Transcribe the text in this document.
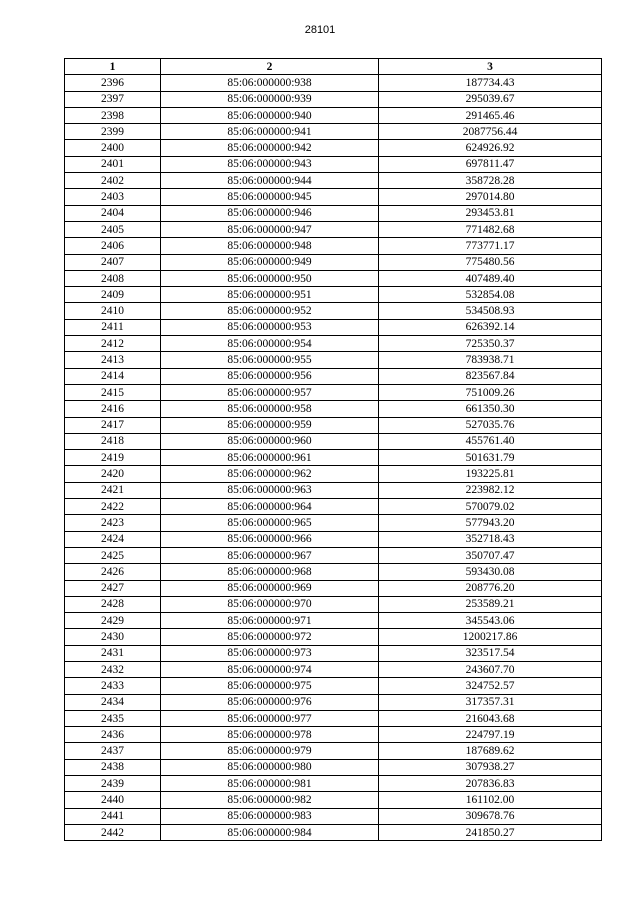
28101
1	2	3
2396	85:06:000000:938	187734.43
2397	85:06:000000:939	295039.67
2398	85:06:000000:940	291465.46
2399	85:06:000000:941	2087756.44
2400	85:06:000000:942	624926.92
2401	85:06:000000:943	697811.47
2402	85:06:000000:944	358728.28
2403	85:06:000000:945	297014.80
2404	85:06:000000:946	293453.81
2405	85:06:000000:947	771482.68
2406	85:06:000000:948	773771.17
2407	85:06:000000:949	775480.56
2408	85:06:000000:950	407489.40
2409	85:06:000000:951	532854.08
2410	85:06:000000:952	534508.93
2411	85:06:000000:953	626392.14
2412	85:06:000000:954	725350.37
2413	85:06:000000:955	783938.71
2414	85:06:000000:956	823567.84
2415	85:06:000000:957	751009.26
2416	85:06:000000:958	661350.30
2417	85:06:000000:959	527035.76
2418	85:06:000000:960	455761.40
2419	85:06:000000:961	501631.79
2420	85:06:000000:962	193225.81
2421	85:06:000000:963	223982.12
2422	85:06:000000:964	570079.02
2423	85:06:000000:965	577943.20
2424	85:06:000000:966	352718.43
2425	85:06:000000:967	350707.47
2426	85:06:000000:968	593430.08
2427	85:06:000000:969	208776.20
2428	85:06:000000:970	253589.21
2429	85:06:000000:971	345543.06
2430	85:06:000000:972	1200217.86
2431	85:06:000000:973	323517.54
2432	85:06:000000:974	243607.70
2433	85:06:000000:975	324752.57
2434	85:06:000000:976	317357.31
2435	85:06:000000:977	216043.68
2436	85:06:000000:978	224797.19
2437	85:06:000000:979	187689.62
2438	85:06:000000:980	307938.27
2439	85:06:000000:981	207836.83
2440	85:06:000000:982	161102.00
2441	85:06:000000:983	309678.76
2442	85:06:000000:984	241850.27
